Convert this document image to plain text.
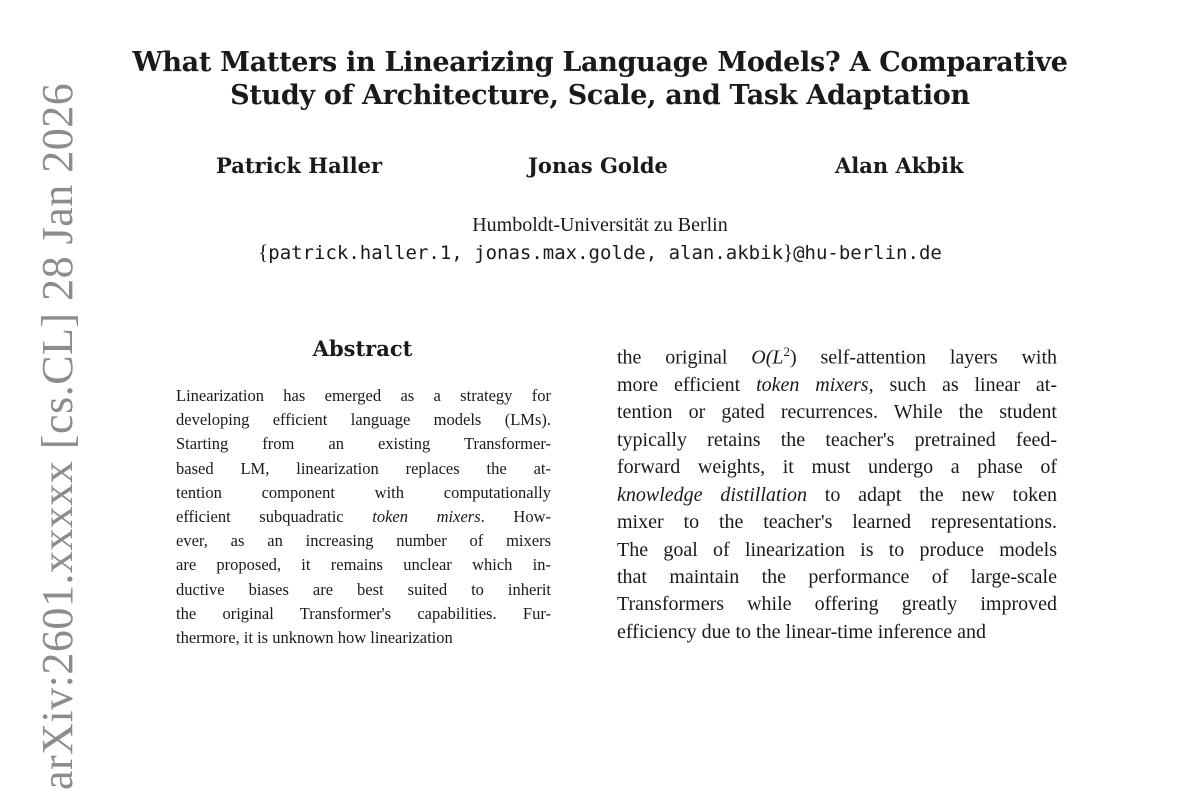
What Matters in Linearizing Language Models? A Comparative
Study of Architecture, Scale, and Task Adaptation
Patrick Haller	Jonas Golde	Alan Akbik
Humboldt-Universität zu Berlin
{patrick.haller.1, jonas.max.golde, alan.akbik}@hu-berlin.de
Abstract
Linearization has emerged as a strategy for
developing efficient language models (LMs).
Starting from an existing Transformer-
based LM, linearization replaces the at-
tention component with computationally
efficient subquadratic token mixers. How-
ever, as an increasing number of mixers
are proposed, it remains unclear which in-
ductive biases are best suited to inherit
the original Transformer's capabilities. Fur-
thermore, it is unknown how linearization
the original $O(L^2)$ self-attention layers with
more efficient token mixers, such as linear at-
tention or gated recurrences. While the student
typically retains the teacher's pretrained feed-
forward weights, it must undergo a phase of
knowledge distillation to adapt the new token
mixer to the teacher's learned representations.
The goal of linearization is to produce models
that maintain the performance of large-scale
Transformers while offering greatly improved
efficiency due to the linear-time inference and
arXiv:2601.xxxxx [cs.CL] 28 Jan 2026
